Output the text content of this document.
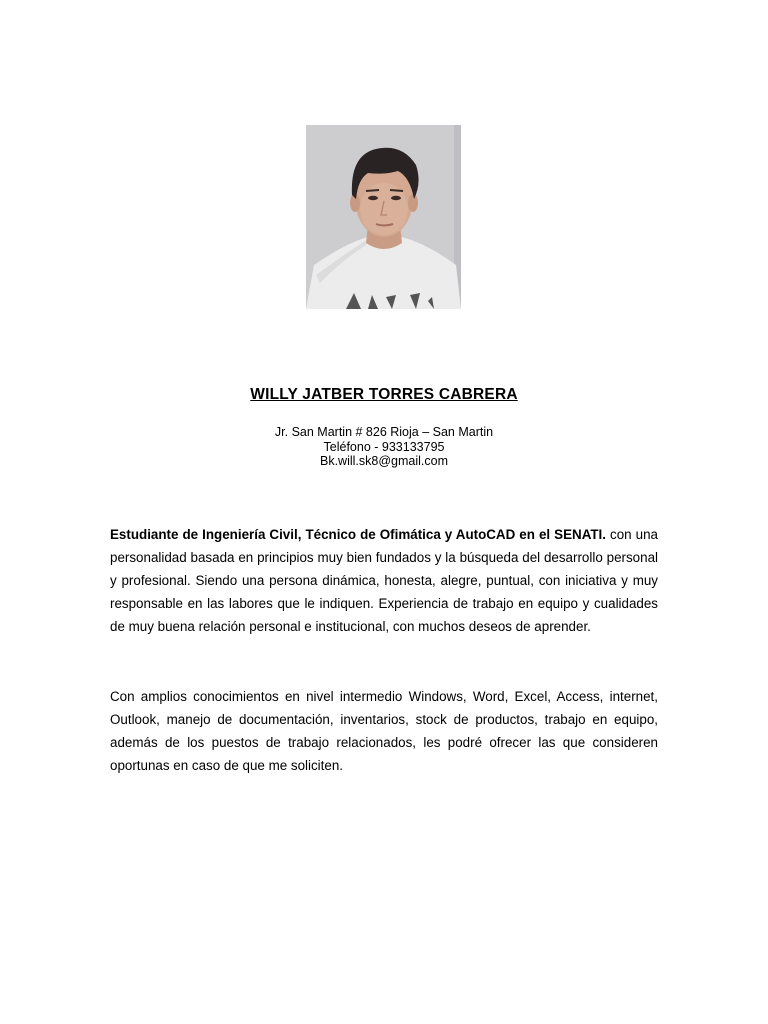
WILLY JATBER TORRES CABRERA
Jr. San Martin # 826 Rioja – San Martin
Teléfono - 933133795
Bk.will.sk8@gmail.com
Estudiante de Ingeniería Civil, Técnico de Ofimática y AutoCAD en el SENATI. con una personalidad basada en principios muy bien fundados y la búsqueda del desarrollo personal y profesional. Siendo una persona dinámica, honesta, alegre, puntual, con iniciativa y muy responsable en las labores que le indiquen. Experiencia de trabajo en equipo y cualidades de muy buena relación personal e institucional, con muchos deseos de aprender.
Con amplios conocimientos en nivel intermedio Windows, Word, Excel, Access, internet, Outlook, manejo de documentación, inventarios, stock de productos, trabajo en equipo, además de los puestos de trabajo relacionados, les podré ofrecer las que consideren oportunas en caso de que me soliciten.
